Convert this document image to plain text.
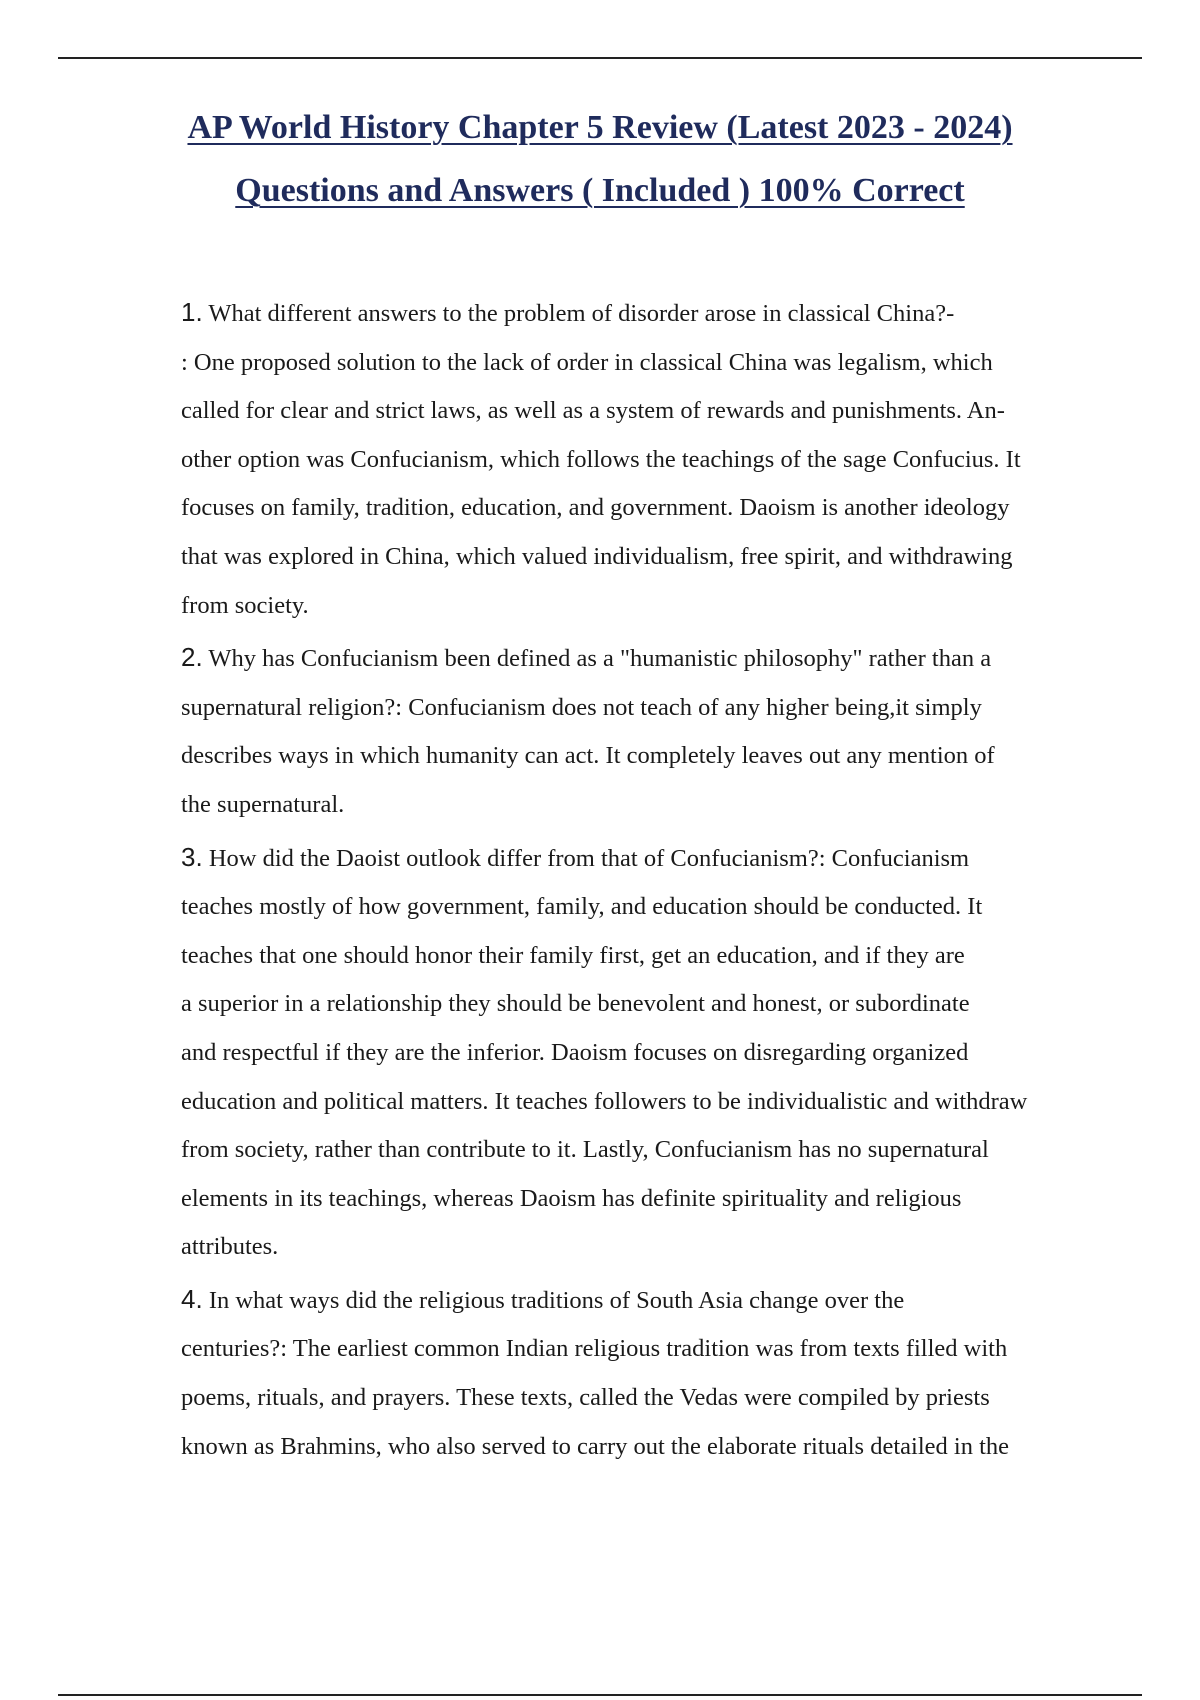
AP World History Chapter 5 Review (Latest 2023 - 2024)
Questions and Answers ( Included ) 100% Correct

1. What different answers to the problem of disorder arose in classical China?-

: One proposed solution to the lack of order in classical China was legalism, which

called for clear and strict laws, as well as a system of rewards and punishments. An-

other option was Confucianism, which follows the teachings of the sage Confucius. It

focuses on family, tradition, education, and government. Daoism is another ideology

that was explored in China, which valued individualism, free spirit, and withdrawing

from society.

2. Why has Confucianism been defined as a "humanistic philosophy" rather than a

supernatural religion?: Confucianism does not teach of any higher being,it simply

describes ways in which humanity can act. It completely leaves out any mention of

the supernatural.

3. How did the Daoist outlook differ from that of Confucianism?: Confucianism

teaches mostly of how government, family, and education should be conducted. It

teaches that one should honor their family first, get an education, and if they are

a superior in a relationship they should be benevolent and honest, or subordinate

and respectful if they are the inferior. Daoism focuses on disregarding organized

education and political matters. It teaches followers to be individualistic and withdraw

from society, rather than contribute to it. Lastly, Confucianism has no supernatural

elements in its teachings, whereas Daoism has definite spirituality and religious

attributes.

4. In what ways did the religious traditions of South Asia change over the

centuries?: The earliest common Indian religious tradition was from texts filled with

poems, rituals, and prayers. These texts, called the Vedas were compiled by priests

known as Brahmins, who also served to carry out the elaborate rituals detailed in the
